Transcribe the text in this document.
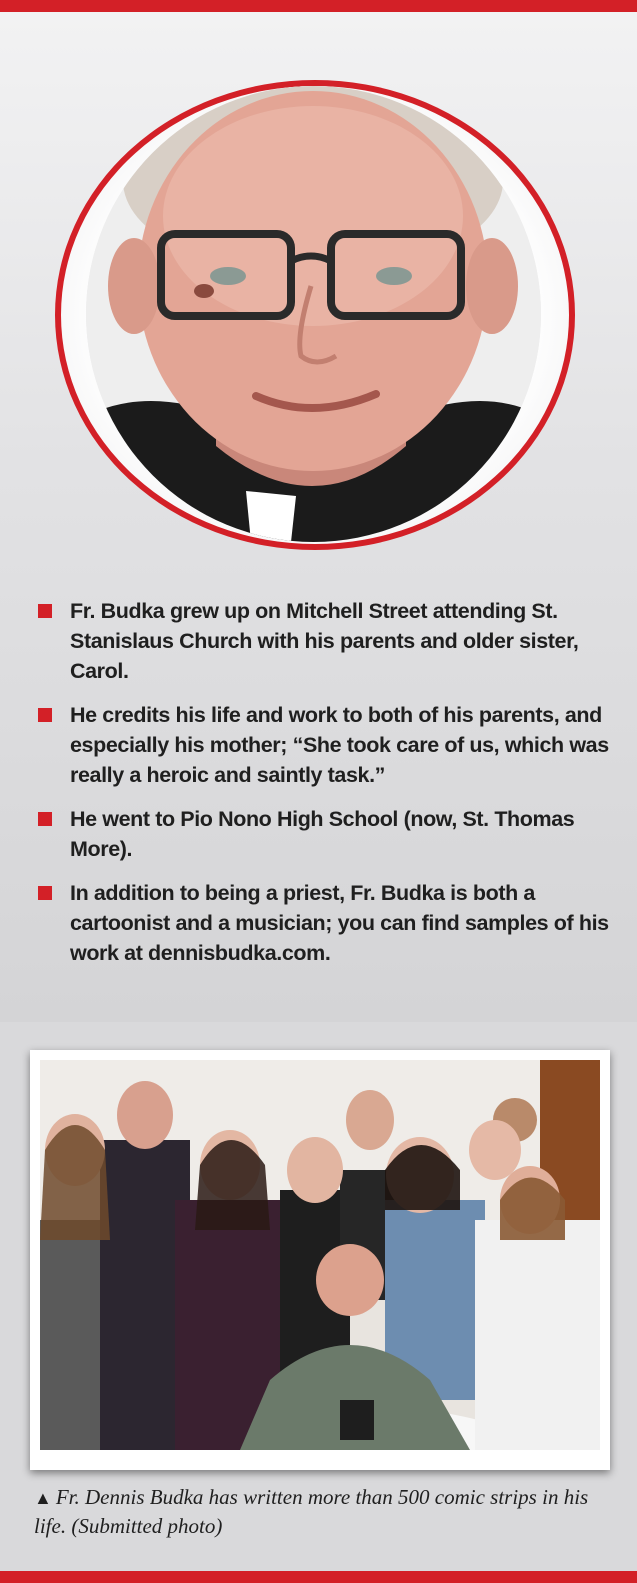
Fr. Budka grew up on Mitchell Street attending St. Stanislaus Church with his parents and older sister, Carol.
He credits his life and work to both of his parents, and especially his mother; “She took care of us, which was really a heroic and saintly task.”
He went to Pio Nono High School (now, St. Thomas More).
In addition to being a priest, Fr. Budka is both a cartoonist and a musician; you can find samples of his work at dennisbudka.com.

▲ Fr. Dennis Budka has written more than 500 comic strips in his life. (Submitted photo)
